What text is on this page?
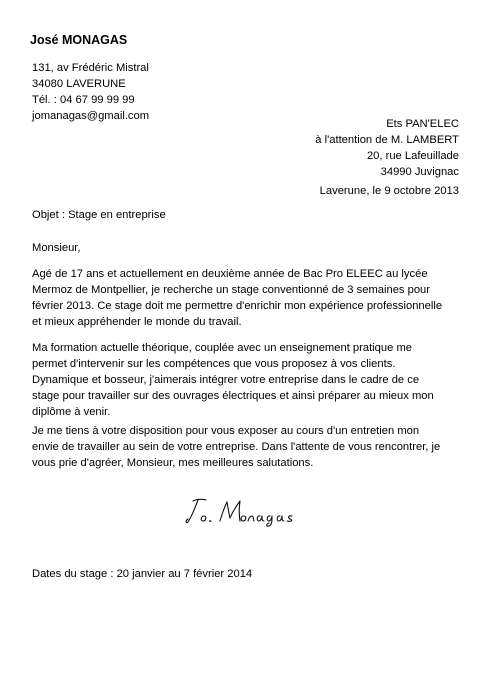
José MONAGAS
131, av Frédéric Mistral
34080 LAVERUNE
Tél. : 04 67 99 99 99
jomanagas@gmail.com
Ets PAN'ELEC
à l'attention de M. LAMBERT
20, rue Lafeuillade
34990 Juvignac
Laverune, le 9 octobre 2013
Objet : Stage en entreprise
Monsieur,
Agé de 17 ans et actuellement en deuxième année de Bac Pro ELEEC au lycée
Mermoz de Montpellier, je recherche un stage conventionné de 3 semaines pour
février 2013. Ce stage doit me permettre d'enrichir mon expérience professionnelle
et mieux appréhender le monde du travail.
Ma formation actuelle théorique, couplée avec un enseignement pratique me
permet d'intervenir sur les compétences que vous proposez à vos clients.
Dynamique et bosseur, j'aimerais intégrer votre entreprise dans le cadre de ce
stage pour travailler sur des ouvrages électriques et ainsi préparer au mieux mon
diplôme à venir.
Je me tiens à votre disposition pour vous exposer au cours d'un entretien mon
envie de travailler au sein de votre entreprise. Dans l'attente de vous rencontrer, je
vous prie d'agréer, Monsieur, mes meilleures salutations.
Dates du stage : 20 janvier au 7 février 2014
